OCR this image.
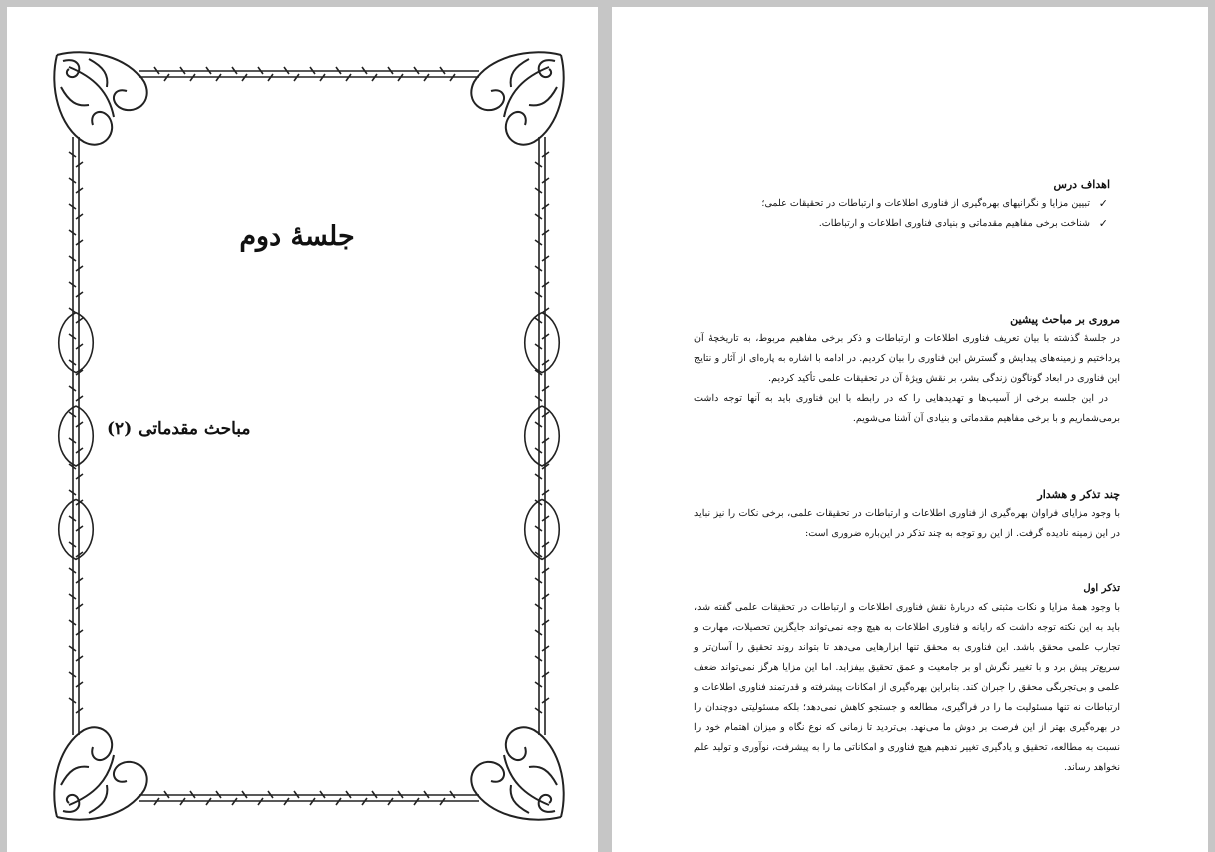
جلسهٔ دوم
مباحث مقدماتی (۲)
اهداف درس
✓
تبیین مزایا و نگرانیهای بهره‌گیری از فناوری اطلاعات و ارتباطات در تحقیقات علمی؛
✓
شناخت برخی مفاهیم مقدماتی و بنیادی فناوری اطلاعات و ارتباطات.
مروری بر مباحث پیشین
در جلسهٔ گذشته با بیان تعریف فناوری اطلاعات و ارتباطات و ذکر برخی مفاهیم مربوط، به تاریخچهٔ آن پرداختیم و زمینه‌های پیدایش و گسترش این فناوری را بیان کردیم. در ادامه با اشاره به پاره‌ای از آثار و نتایج این فناوری در ابعاد گوناگون زندگی بشر، بر نقش ویژهٔ آن در تحقیقات علمی تأکید کردیم.
در این جلسه برخی از آسیب‌ها و تهدیدهایی را که در رابطه با این فناوری باید به آنها توجه داشت برمی‌شماریم و با برخی مفاهیم مقدماتی و بنیادی آن آشنا می‌شویم.
چند تذکر و هشدار
با وجود مزایای فراوان بهره‌گیری از فناوری اطلاعات و ارتباطات در تحقیقات علمی، برخی نکات را نیز نباید در این زمینه نادیده گرفت. از این رو توجه به چند تذکر در این‌باره ضروری است:
تذکر اول
با وجود همهٔ مزایا و نکات مثبتی که دربارهٔ نقش فناوری اطلاعات و ارتباطات در تحقیقات علمی گفته شد، باید به این نکته توجه داشت که رایانه و فناوری اطلاعات به هیچ وجه نمی‌تواند جایگزین تحصیلات، مهارت و تجارب علمی محقق باشد. این فناوری به محقق تنها ابزارهایی می‌دهد تا بتواند روند تحقیق را آسان‌تر و سریع‌تر پیش برد و با تغییر نگرش او بر جامعیت و عمق تحقیق بیفزاید. اما این مزایا هرگز نمی‌تواند ضعف علمی و بی‌تجربگی محقق را جبران کند. بنابراین بهره‌گیری از امکانات پیشرفته و قدرتمند فناوری اطلاعات و ارتباطات نه تنها مسئولیت ما را در فراگیری، مطالعه و جستجو کاهش نمی‌دهد؛ بلکه مسئولیتی دوچندان را در بهره‌گیری بهتر از این فرصت بر دوش ما می‌نهد. بی‌تردید تا زمانی که نوع نگاه و میزان اهتمام خود را نسبت به مطالعه، تحقیق و یادگیری تغییر ندهیم هیچ فناوری و امکاناتی ما را به پیشرفت، نوآوری و تولید علم نخواهد رساند.
